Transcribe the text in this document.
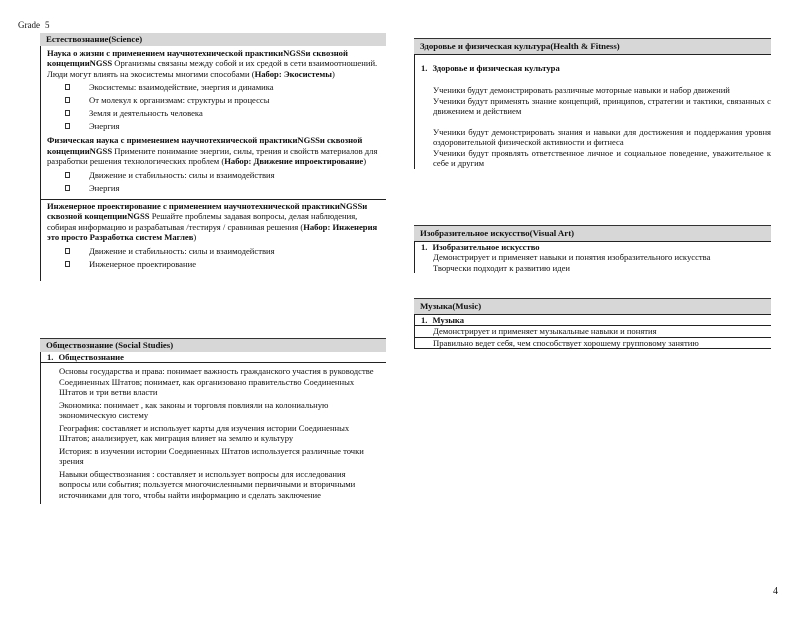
Grade 5
Естествознание(Science)

Наука о жизни с применением научнотехнической практикиNGSSи сквозной концепцииNGSS Организмы связаны между собой и их средой в сети взаимоотношений. Люди могут влиять на экосистемы многими способами (Набор: Экосистемы)

Экосистемы: взаимодействие, энергия и динамика
От молекул к организмам: структуры и процессы
Земля и деятельность человека
Энергия

Физическая наука с применением научнотехнической практикиNGSSи сквозной концепцииNGSS Примените понимание энергии, силы, трения и свойств материалов для разработки решения технологических проблем (Набор: Движение ипроектирование)

Движение и стабильность: силы и взаимодействия
Энергия

Инженерное проектирование с применением научнотехнической практикиNGSSи сквозной концепцииNGSS Решайте проблемы задавая вопросы, делая наблюдения, собирая информацию и разрабатывая /тестируя / сравнивая решения (Набор: Инженерия это просто Разработка систем Маглев)

Движение и стабильность: силы и взаимодействия
Инженерное проектирование
Обществознание (Social Studies)
1. Обществознание

Основы государства и права: понимает важность гражданского участия в руководстве Соединенных Штатов; понимает, как организовано правительство Соединенных Штатов и три ветви власти

Экономика: понимает , как законы и торговля повлияли на колониальную экономическую систему

География: составляет и использует карты для изучения истории Соединенных Штатов; анализирует, как миграция влияет на землю и культуру

История: в изучении истории Соединенных Штатов используется различные точки зрения

Навыки обществознания : составляет и использует вопросы для исследования вопросы или события; пользуется многочисленными первичными и вторичными источниками для того, чтобы найти информацию и сделать заключение

Здоровье и физическая культура(Health & Fitness)
1. Здоровье и физическая культура

Ученики будут демонстрировать различные моторные навыки и набор движений

Ученики будут применять знание концепций, принципов, стратегии и тактики, связанных с движением и действием

Ученики будут демонстрировать знания и навыки для достижения и поддержания уровня оздоровительной физической активности и фитнеса

Ученики будут проявлять ответственное личное и социальное поведение, уважительное к себе и другим

Изобразительное искусство(Visual Art)
1. Изобразительное искусство
Демонстрирует и применяет навыки и понятия изобразительного искусства
Творчески подходит к развитию идеи
Музыка(Music)
1. Музыка
Демонстрирует и применяет музыкальные навыки и понятия
Правильно ведет себя, чем способствует хорошему групповому занятию
4
